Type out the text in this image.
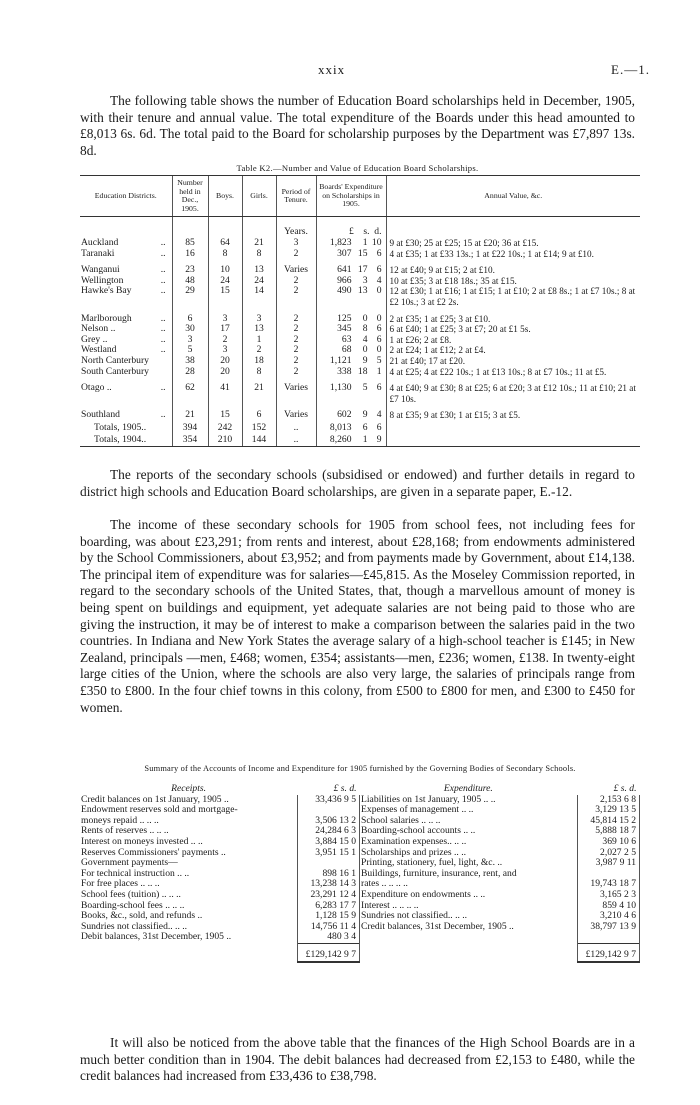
xxix	E.—1.

The following table shows the number of Education Board scholarships held in December, 1905, with their tenure and annual value. The total expenditure of the Boards under this head amounted to £8,013 6s. 6d. The total paid to the Board for scholarship purposes by the Department was £7,897 13s. 8d.

Table K2.—Number and Value of Education Board Scholarships.
Education Districts.	Number held in Dec., 1905.	Boys.	Girls.	Period of Tenure.	Boards' Expenditure on Scholarships in 1905.	Annual Value, &c.
				Years.	£ s. d.	
Auckland ..	85	64	21	3	1,823 1 10	9 at £30; 25 at £25; 15 at £20; 36 at £15.
Taranaki ..	16	8	8	2	307 15 6	4 at £35; 1 at £33 13s.; 1 at £22 10s.; 1 at £14; 9 at £10.

Wanganui ..	23	10	13	Varies	641 17 6	12 at £40; 9 at £15; 2 at £10.
Wellington ..	48	24	24	2	966 3 4	10 at £35; 3 at £18 18s.; 35 at £15.
Hawke's Bay ..	29	15	14	2	490 13 0	12 at £30; 1 at £16; 1 at £15; 1 at £10; 2 at £8 8s.; 1 at £7 10s.; 8 at £2 10s.; 3 at £2 2s.

Marlborough ..	6	3	3	2	125 0 0	2 at £35; 1 at £25; 3 at £10.
Nelson .. ..	30	17	13	2	345 8 6	6 at £40; 1 at £25; 3 at £7; 20 at £1 5s.
Grey .. ..	3	2	1	2	63 4 6	1 at £26; 2 at £8.
Westland ..	5	3	2	2	68 0 0	2 at £24; 1 at £12; 2 at £4.
North Canterbury	38	20	18	2	1,121 9 5	21 at £40; 17 at £20.
South Canterbury	28	20	8	2	338 18 1	4 at £25; 4 at £22 10s.; 1 at £13 10s.; 8 at £7 10s.; 11 at £5.

Otago .. ..	62	41	21	Varies	1,130 5 6	4 at £40; 9 at £30; 8 at £25; 6 at £20; 3 at £12 10s.; 11 at £10; 21 at £7 10s.

Southland ..	21	15	6	Varies	602 9 4	8 at £35; 9 at £30; 1 at £15; 3 at £5.
Totals, 1905..	394	242	152	..	8,013 6 6	
Totals, 1904..	354	210	144	..	8,260 1 9	

The reports of the secondary schools (subsidised or endowed) and further details in regard to district high schools and Education Board scholarships, are given in a separate paper, E.-12.

The income of these secondary schools for 1905 from school fees, not including fees for boarding, was about £23,291; from rents and interest, about £28,168; from endowments administered by the School Commissioners, about £3,952; and from payments made by Government, about £14,138. The principal item of expenditure was for salaries—£45,815. As the Moseley Commission reported, in regard to the secondary schools of the United States, that, though a marvellous amount of money is being spent on buildings and equipment, yet adequate salaries are not being paid to those who are giving the instruction, it may be of interest to make a comparison between the salaries paid in the two countries. In Indiana and New York States the average salary of a high-school teacher is £145; in New Zealand, principals —men, £468; women, £354; assistants—men, £236; women, £138. In twenty-eight large cities of the Union, where the schools are also very large, the salaries of principals range from £350 to £800. In the four chief towns in this colony, from £500 to £800 for men, and £300 to £450 for women.

Summary of the Accounts of Income and Expenditure for 1905 furnished by the Governing Bodies of Secondary Schools.
Receipts.	£ s. d.	Expenditure.	£ s. d.
Credit balances on 1st January, 1905 ..	33,436 9 5	Liabilities on 1st January, 1905 .. ..	2,153 6 8
Endowment reserves sold and mortgage-		Expenses of management .. ..	3,129 13 5
moneys repaid .. .. ..	3,506 13 2	School salaries .. .. ..	45,814 15 2
Rents of reserves .. .. ..	24,284 6 3	Boarding-school accounts .. ..	5,888 18 7
Interest on moneys invested .. ..	3,884 15 0	Examination expenses.. .. ..	369 10 6
Reserves Commissioners' payments ..	3,951 15 1	Scholarships and prizes .. ..	2,027 2 5
Government payments—		Printing, stationery, fuel, light, &c. ..	3,987 9 11
For technical instruction .. ..	898 16 1	Buildings, furniture, insurance, rent, and	
For free places .. .. ..	13,238 14 3	rates .. .. .. ..	19,743 18 7
School fees (tuition) .. .. ..	23,291 12 4	Expenditure on endowments .. ..	3,165 2 3
Boarding-school fees .. .. ..	6,283 17 7	Interest .. .. .. ..	859 4 10
Books, &c., sold, and refunds ..	1,128 15 9	Sundries not classified.. .. ..	3,210 4 6
Sundries not classified.. .. ..	14,756 11 4	Credit balances, 31st December, 1905 ..	38,797 13 9
Debit balances, 31st December, 1905 ..	480 3 4		
	£129,142 9 7		£129,142 9 7

It will also be noticed from the above table that the finances of the High School Boards are in a much better condition than in 1904. The debit balances had decreased from £2,153 to £480, while the credit balances had increased from £33,436 to £38,798.
